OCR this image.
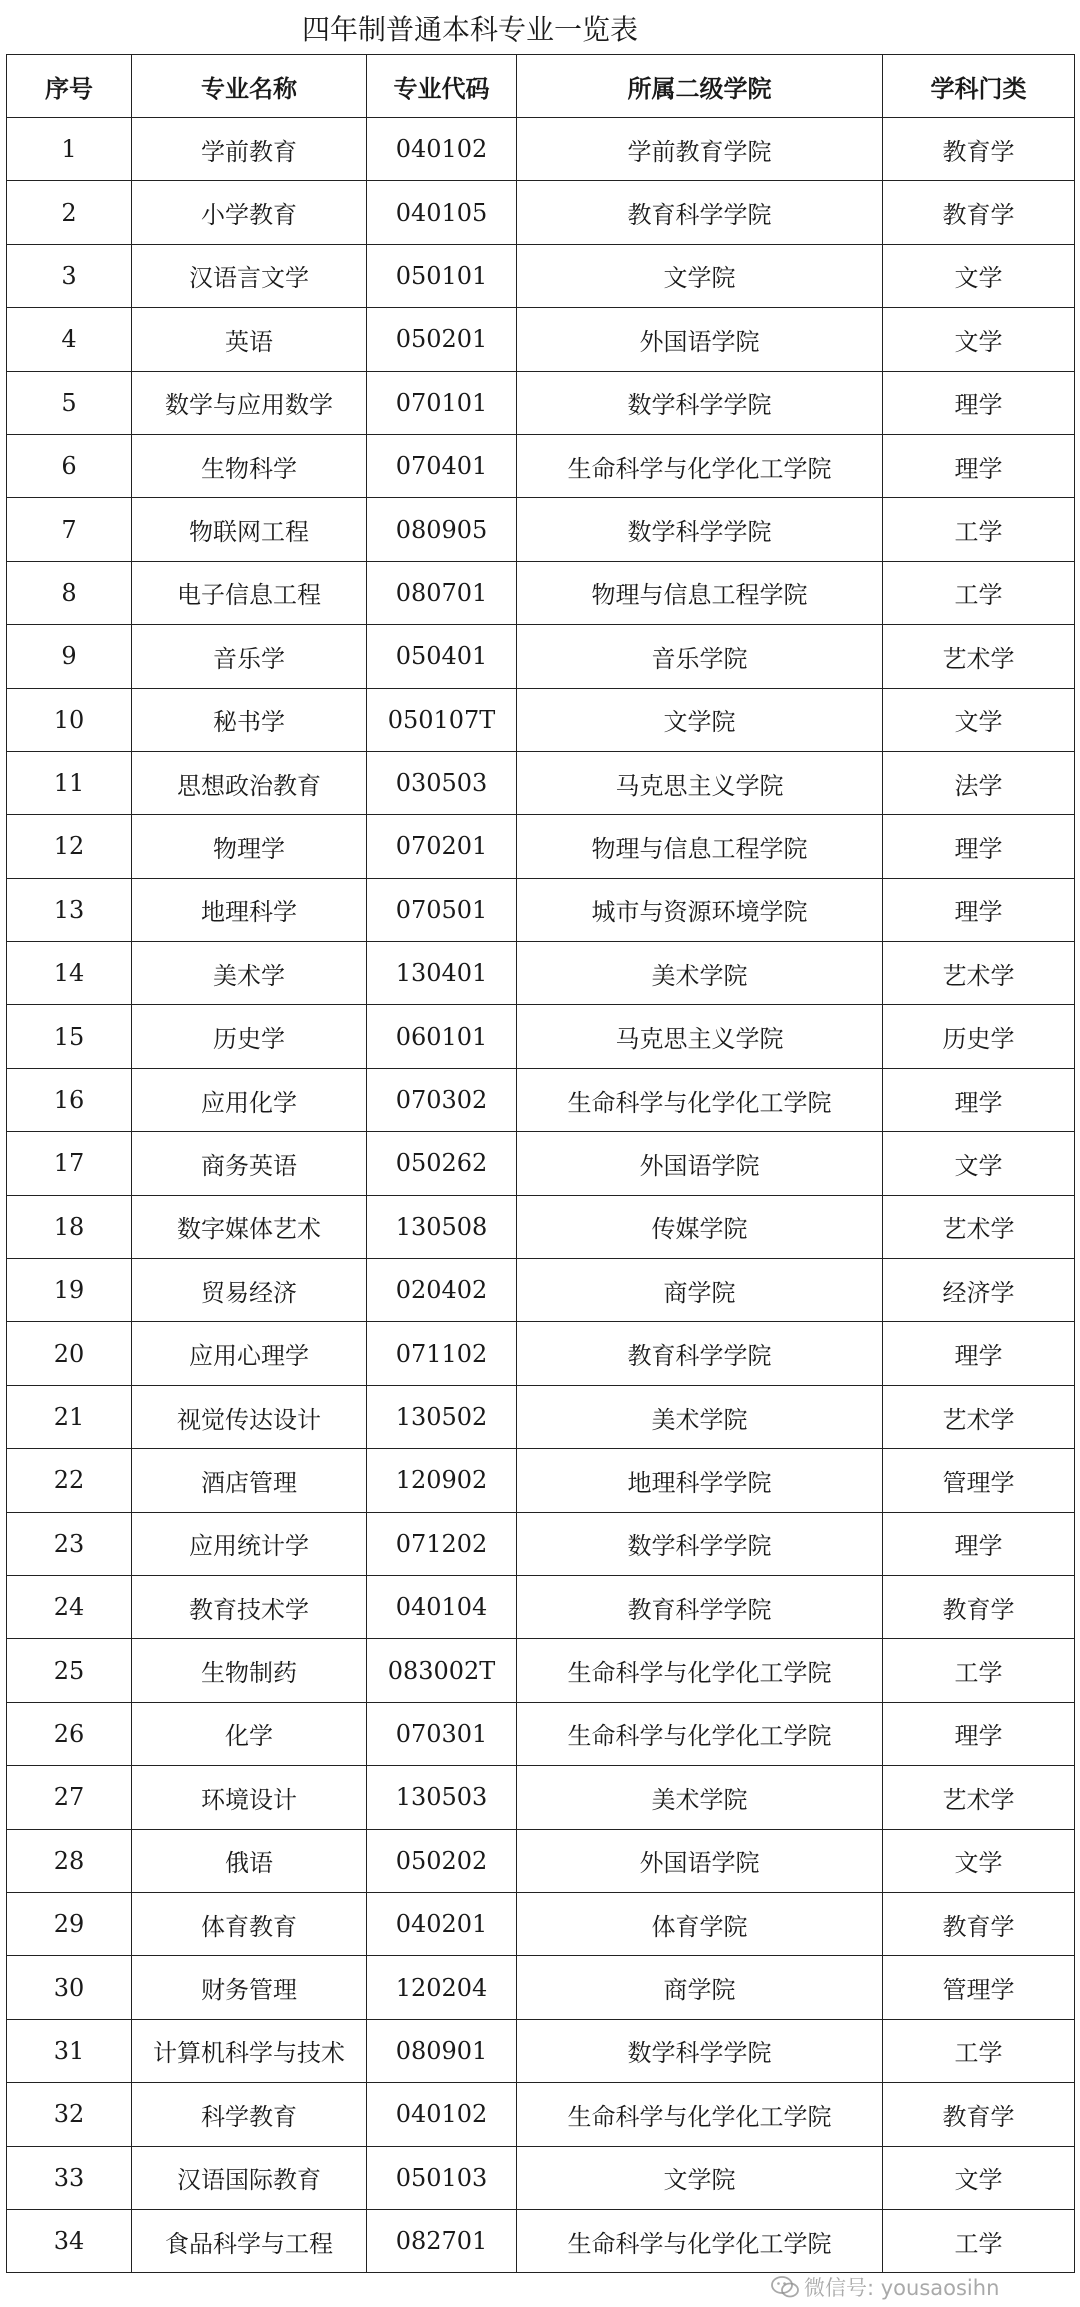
四年制普通本科专业一览表
序号	专业名称	专业代码	所属二级学院	学科门类
1	学前教育	040102	学前教育学院	教育学
2	小学教育	040105	教育科学学院	教育学
3	汉语言文学	050101	文学院	文学
4	英语	050201	外国语学院	文学
5	数学与应用数学	070101	数学科学学院	理学
6	生物科学	070401	生命科学与化学化工学院	理学
7	物联网工程	080905	数学科学学院	工学
8	电子信息工程	080701	物理与信息工程学院	工学
9	音乐学	050401	音乐学院	艺术学
10	秘书学	050107T	文学院	文学
11	思想政治教育	030503	马克思主义学院	法学
12	物理学	070201	物理与信息工程学院	理学
13	地理科学	070501	城市与资源环境学院	理学
14	美术学	130401	美术学院	艺术学
15	历史学	060101	马克思主义学院	历史学
16	应用化学	070302	生命科学与化学化工学院	理学
17	商务英语	050262	外国语学院	文学
18	数字媒体艺术	130508	传媒学院	艺术学
19	贸易经济	020402	商学院	经济学
20	应用心理学	071102	教育科学学院	理学
21	视觉传达设计	130502	美术学院	艺术学
22	酒店管理	120902	地理科学学院	管理学
23	应用统计学	071202	数学科学学院	理学
24	教育技术学	040104	教育科学学院	教育学
25	生物制药	083002T	生命科学与化学化工学院	工学
26	化学	070301	生命科学与化学化工学院	理学
27	环境设计	130503	美术学院	艺术学
28	俄语	050202	外国语学院	文学
29	体育教育	040201	体育学院	教育学
30	财务管理	120204	商学院	管理学
31	计算机科学与技术	080901	数学科学学院	工学
32	科学教育	040102	生命科学与化学化工学院	教育学
33	汉语国际教育	050103	文学院	文学
34	食品科学与工程	082701	生命科学与化学化工学院	工学
微信号: yousaosihn
